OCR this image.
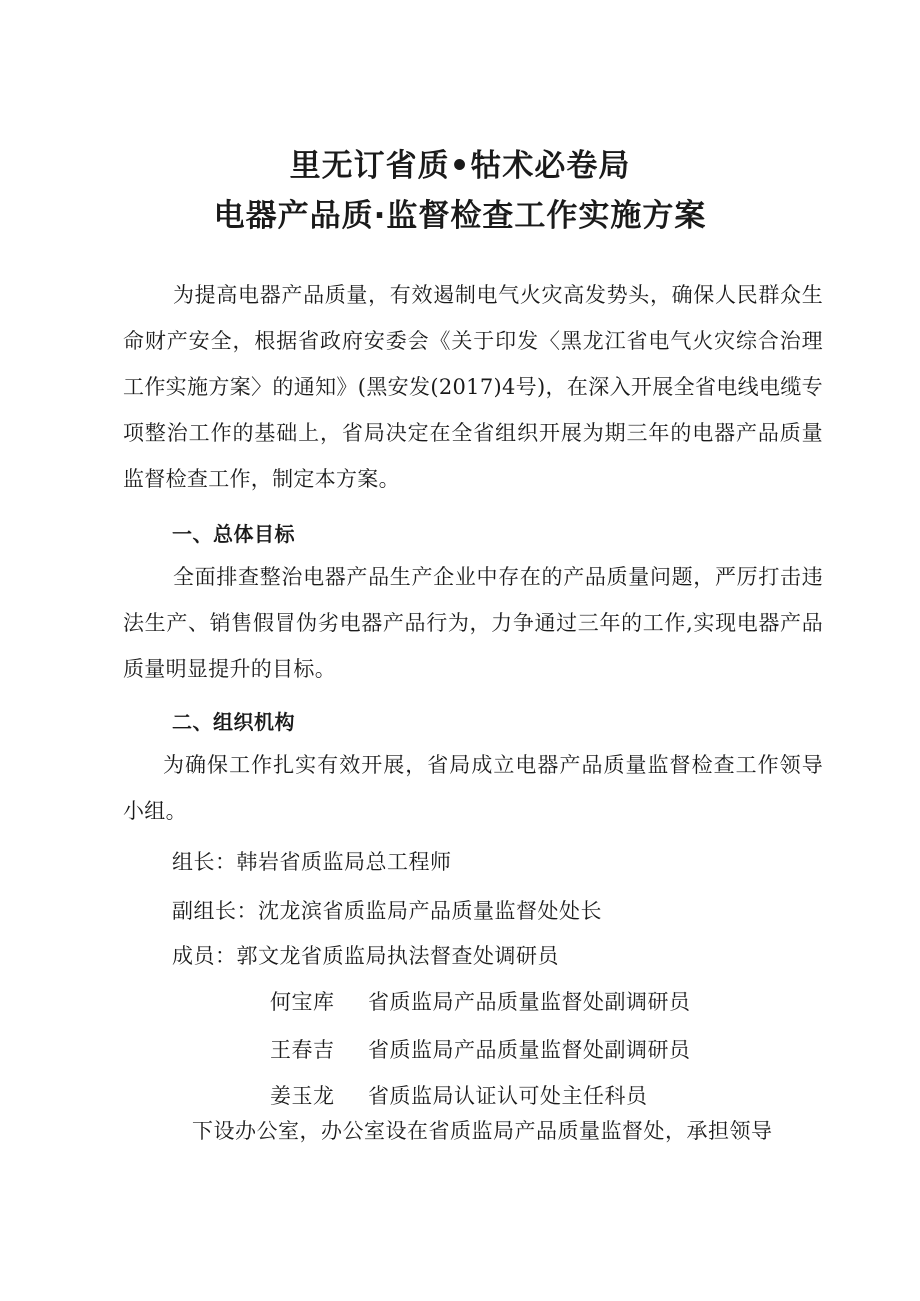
里无订省质•牯术必卷局
电器产品质·监督检查工作实施方案

为提高电器产品质量，有效遏制电气火灾高发势头，确保人民群众生命财产安全，根据省政府安委会《关于印发〈黑龙江省电气火灾综合治理工作实施方案〉的通知》(黑安发(2017)4号)，在深入开展全省电线电缆专项整治工作的基础上，省局决定在全省组织开展为期三年的电器产品质量监督检查工作，制定本方案。

一、总体目标

全面排查整治电器产品生产企业中存在的产品质量问题，严厉打击违法生产、销售假冒伪劣电器产品行为，力争通过三年的工作,实现电器产品质量明显提升的目标。

二、组织机构

为确保工作扎实有效开展，省局成立电器产品质量监督检查工作领导小组。

组长：韩岩省质监局总工程师
副组长：沈龙滨省质监局产品质量监督处处长
成员：郭文龙省质监局执法督查处调研员
何宝库	省质监局产品质量监督处副调研员
王春吉	省质监局产品质量监督处副调研员
姜玉龙	省质监局认证认可处主任科员
下设办公室，办公室设在省质监局产品质量监督处，承担领导
